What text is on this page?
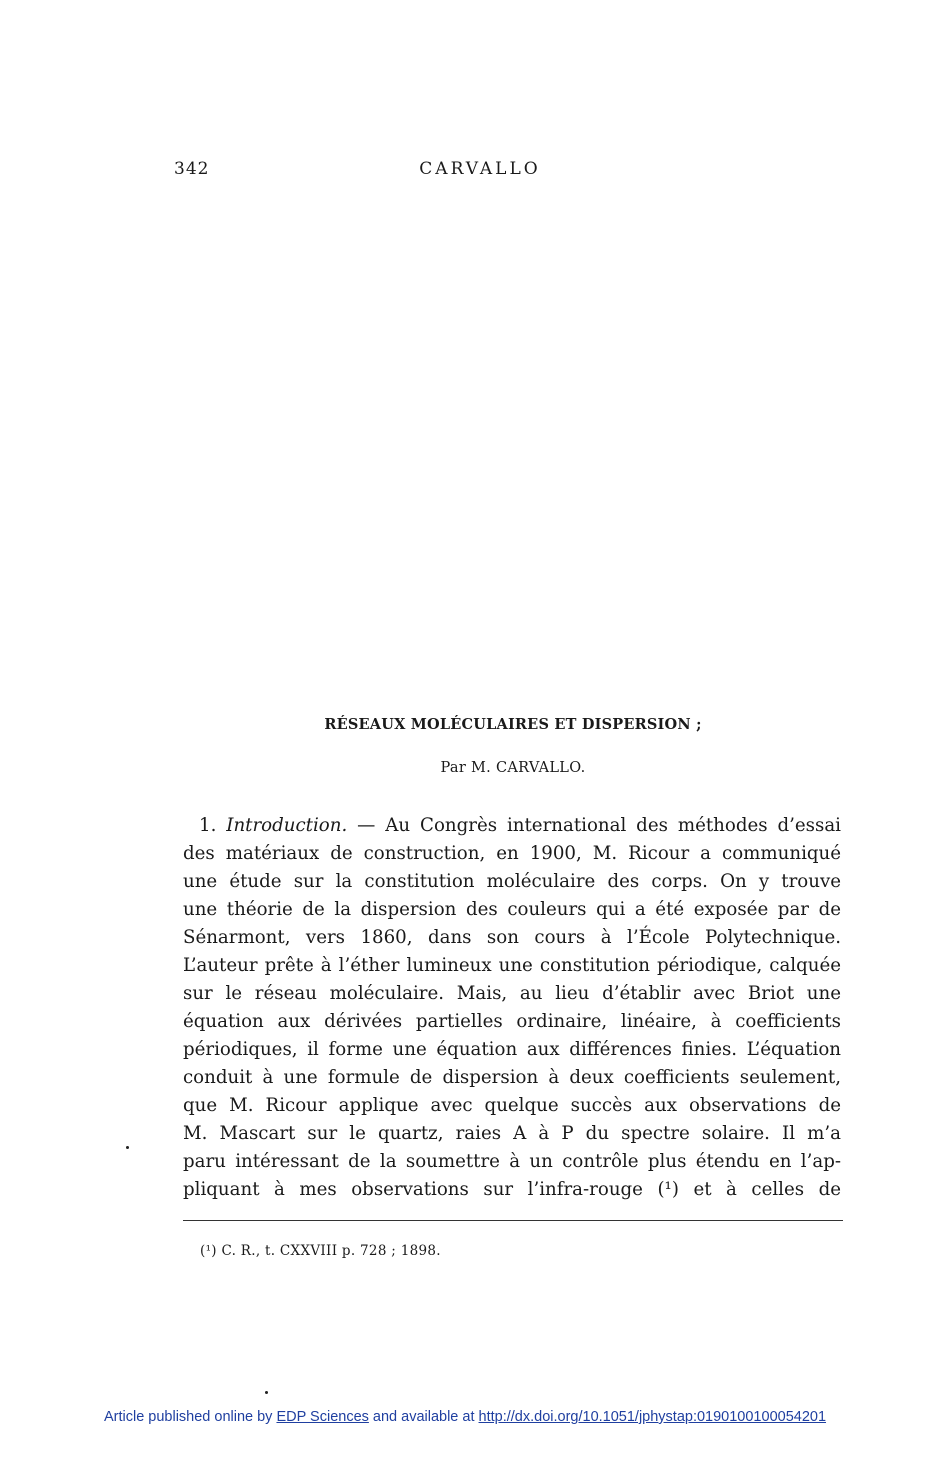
342	CARVALLO
RÉSEAUX MOLÉCULAIRES ET DISPERSION ;
Par M. CARVALLO.
1. Introduction. — Au Congrès international des méthodes d’essai
des matériaux de construction, en 1900, M. Ricour a communiqué
une étude sur la constitution moléculaire des corps. On y trouve
une théorie de la dispersion des couleurs qui a été exposée par de
Sénarmont, vers 1860, dans son cours à l’École Polytechnique.
L’auteur prête à l’éther lumineux une constitution périodique, calquée
sur le réseau moléculaire. Mais, au lieu d’établir avec Briot une
équation aux dérivées partielles ordinaire, linéaire, à coefficients
périodiques, il forme une équation aux différences finies. L’équation
conduit à une formule de dispersion à deux coefficients seulement,
que M. Ricour applique avec quelque succès aux observations de
M. Mascart sur le quartz, raies A à P du spectre solaire. Il m’a
paru intéressant de la soumettre à un contrôle plus étendu en l’ap-
pliquant à mes observations sur l’infra-rouge (¹) et à celles de
(¹) C. R., t. CXXVIII p. 728 ; 1898.
Article published online by EDP Sciences and available at http://dx.doi.org/10.1051/jphystap:0190100100054201
